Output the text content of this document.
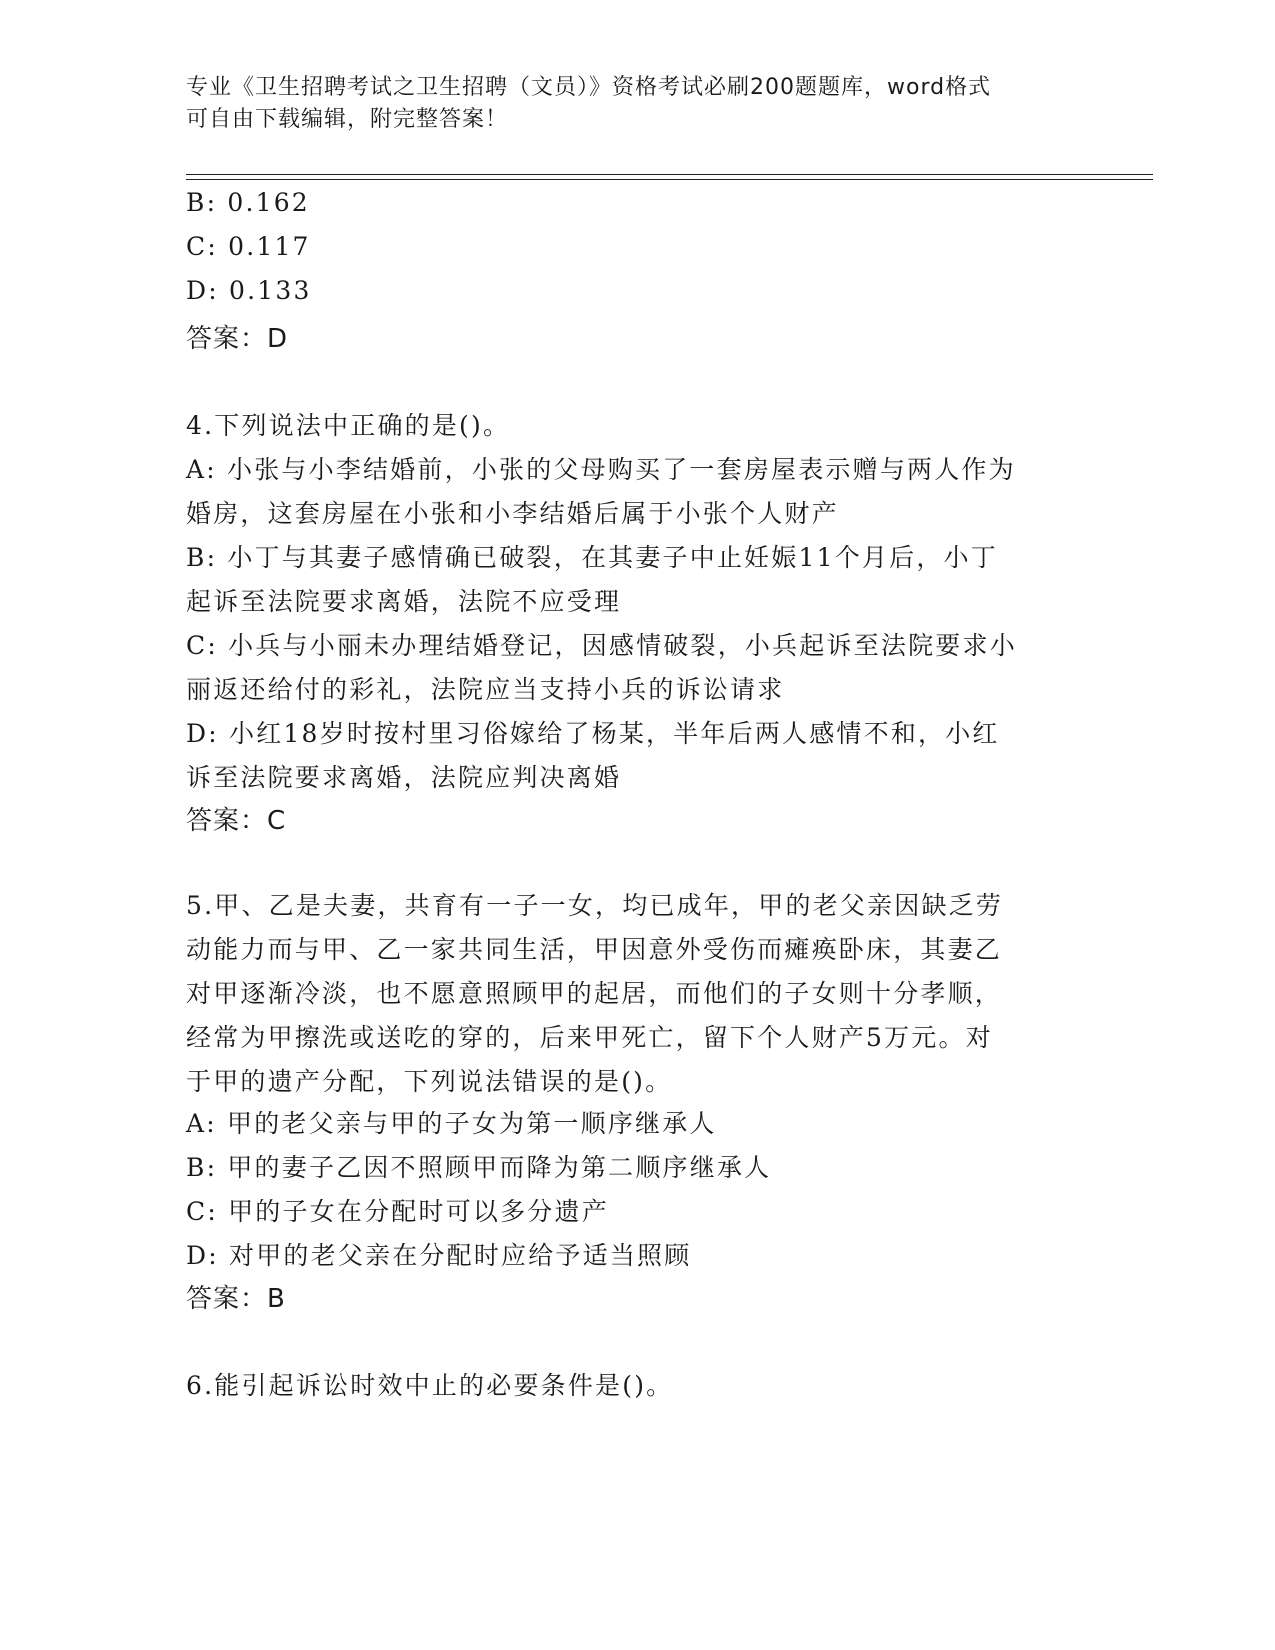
专业《卫生招聘考试之卫生招聘（文员）》资格考试必刷200题题库，word格式
可自由下载编辑，附完整答案！
B: 0.162
C: 0.117
D: 0.133
答案：D
4.下列说法中正确的是()。
A: 小张与小李结婚前，小张的父母购买了一套房屋表示赠与两人作为
婚房，这套房屋在小张和小李结婚后属于小张个人财产
B: 小丁与其妻子感情确已破裂，在其妻子中止妊娠11个月后，小丁
起诉至法院要求离婚，法院不应受理
C: 小兵与小丽未办理结婚登记，因感情破裂，小兵起诉至法院要求小
丽返还给付的彩礼，法院应当支持小兵的诉讼请求
D: 小红18岁时按村里习俗嫁给了杨某，半年后两人感情不和，小红
诉至法院要求离婚，法院应判决离婚
答案：C
5.甲、乙是夫妻，共育有一子一女，均已成年，甲的老父亲因缺乏劳
动能力而与甲、乙一家共同生活，甲因意外受伤而瘫痪卧床，其妻乙
对甲逐渐冷淡，也不愿意照顾甲的起居，而他们的子女则十分孝顺，
经常为甲擦洗或送吃的穿的，后来甲死亡，留下个人财产5万元。对
于甲的遗产分配，下列说法错误的是()。
A: 甲的老父亲与甲的子女为第一顺序继承人
B: 甲的妻子乙因不照顾甲而降为第二顺序继承人
C: 甲的子女在分配时可以多分遗产
D: 对甲的老父亲在分配时应给予适当照顾
答案：B
6.能引起诉讼时效中止的必要条件是()。
